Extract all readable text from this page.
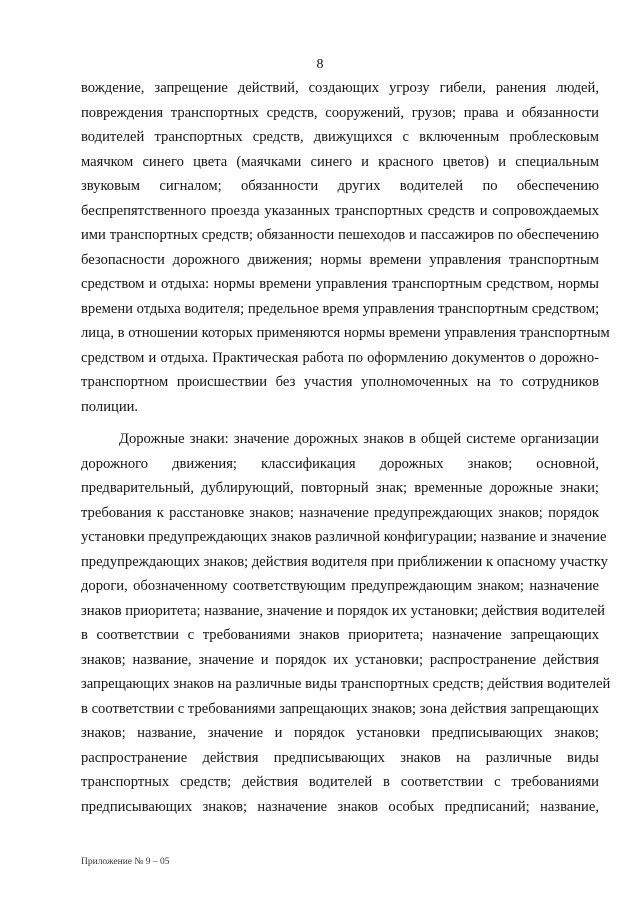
8

вождение, запрещение действий, создающих угрозу гибели, ранения людей,
повреждения транспортных средств, сооружений, грузов; права и обязанности
водителей транспортных средств, движущихся с включенным проблесковым
маячком синего цвета (маячками синего и красного цветов) и специальным
звуковым сигналом; обязанности других водителей по обеспечению
беспрепятственного проезда указанных транспортных средств и сопровождаемых
ими транспортных средств; обязанности пешеходов и пассажиров по обеспечению
безопасности дорожного движения; нормы времени управления транспортным
средством и отдыха: нормы времени управления транспортным средством, нормы
времени отдыха водителя; предельное время управления транспортным средством;
лица, в отношении которых применяются нормы времени управления транспортным
средством и отдыха. Практическая работа по оформлению документов о дорожно-
транспортном происшествии без участия уполномоченных на то сотрудников
полиции.

Дорожные знаки: значение дорожных знаков в общей системе организации
дорожного движения; классификация дорожных знаков; основной,
предварительный, дублирующий, повторный знак; временные дорожные знаки;
требования к расстановке знаков; назначение предупреждающих знаков; порядок
установки предупреждающих знаков различной конфигурации; название и значение
предупреждающих знаков; действия водителя при приближении к опасному участку
дороги, обозначенному соответствующим предупреждающим знаком; назначение
знаков приоритета; название, значение и порядок их установки; действия водителей
в соответствии с требованиями знаков приоритета; назначение запрещающих
знаков; название, значение и порядок их установки; распространение действия
запрещающих знаков на различные виды транспортных средств; действия водителей
в соответствии с требованиями запрещающих знаков; зона действия запрещающих
знаков; название, значение и порядок установки предписывающих знаков;
распространение действия предписывающих знаков на различные виды
транспортных средств; действия водителей в соответствии с требованиями
предписывающих знаков; назначение знаков особых предписаний; название,

Приложение № 9 – 05
